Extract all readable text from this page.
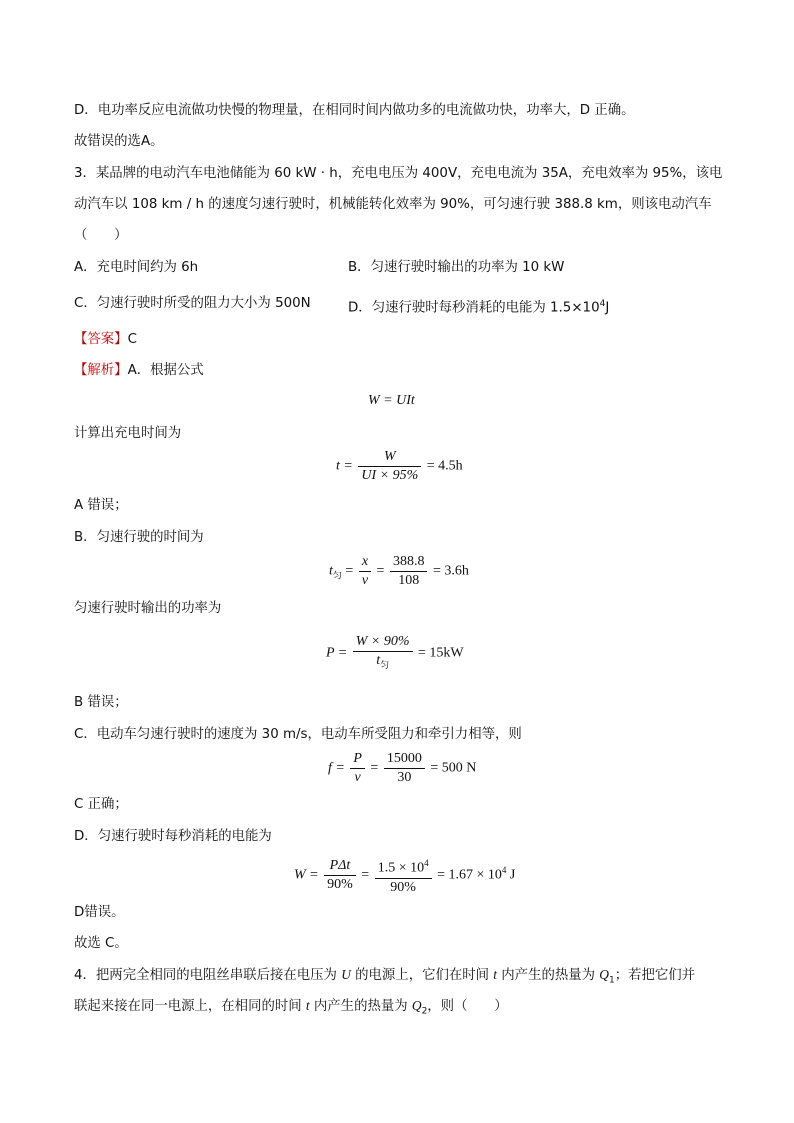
D．电功率反应电流做功快慢的物理量，在相同时间内做功多的电流做功快，功率大，D 正确。
故错误的选A。
3．某品牌的电动汽车电池储能为 60 kW · h，充电电压为 400V，充电电流为 35A，充电效率为 95%，该电
动汽车以 108 km / h 的速度匀速行驶时，机械能转化效率为 90%，可匀速行驶 388.8 km，则该电动汽车
（　　）
A．充电时间约为 6h	B．匀速行驶时输出的功率为 10 kW
C．匀速行驶时所受的阻力大小为 500N	D．匀速行驶时每秒消耗的电能为 $1.5\times 10^4J$
【答案】C
【解析】A．根据公式
W = UIt
计算出充电时间为
$t = \frac{W}{UI \times 95\%} = 4.5h$
A 错误；
B．匀速行驶的时间为
$t_匀 = \frac{x}{v} = \frac{388.8}{108} = 3.6h$
匀速行驶时输出的功率为
$P = \frac{W \times 90\%}{t_匀} = 15kW$
B 错误；
C．电动车匀速行驶时的速度为 30 m/s，电动车所受阻力和牵引力相等，则
$f = \frac{P}{v} = \frac{15000}{30} = 500$ N
C 正确；
D．匀速行驶时每秒消耗的电能为
$W = \frac{\text{PΔt}}{90\%} = \frac{1.5 \times 10^4}{90\%} = 1.67 \times 10^4$ J
D错误。
故选 C。
4．把两完全相同的电阻丝串联后接在电压为 U 的电源上，它们在时间 t 内产生的热量为 $Q_1$；若把它们并
联起来接在同一电源上，在相同的时间 t 内产生的热量为 $Q_2$，则（　　）
